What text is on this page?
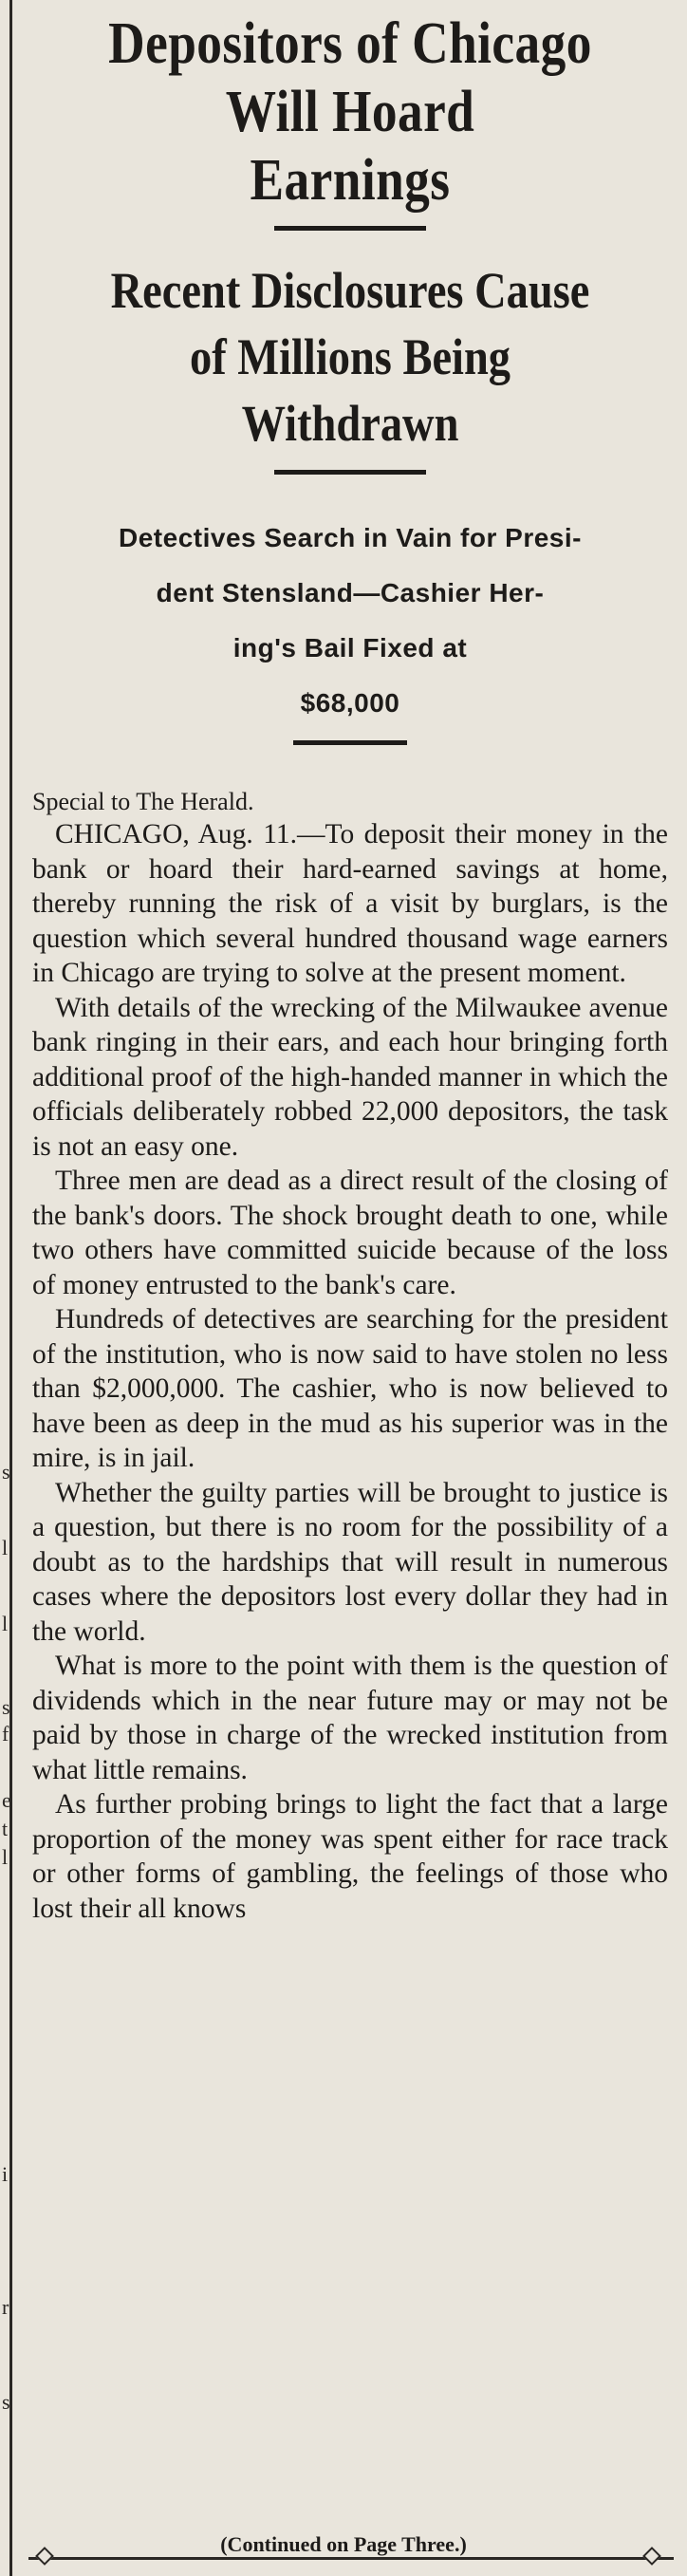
s
l
l
s
f
e
t
l
i
r
s
Depositors of Chicago
Will Hoard
Earnings
Recent Disclosures Cause
of Millions Being
Withdrawn
Detectives Search in Vain for Presi-
dent Stensland—Cashier Her-
ing's Bail Fixed at
$68,000

Special to The Herald.

CHICAGO, Aug. 11.—To deposit their money in the bank or hoard their hard-earned savings at home, thereby running the risk of a visit by burglars, is the question which several hundred thousand wage earners in Chicago are trying to solve at the present moment.

With details of the wrecking of the Milwaukee avenue bank ringing in their ears, and each hour bringing forth additional proof of the high-handed manner in which the officials deliberately robbed 22,000 depositors, the task is not an easy one.

Three men are dead as a direct result of the closing of the bank's doors. The shock brought death to one, while two others have committed suicide because of the loss of money entrusted to the bank's care.

Hundreds of detectives are searching for the president of the institution, who is now said to have stolen no less than $2,000,000. The cashier, who is now believed to have been as deep in the mud as his superior was in the mire, is in jail.

Whether the guilty parties will be brought to justice is a question, but there is no room for the possibility of a doubt as to the hardships that will result in numerous cases where the depositors lost every dollar they had in the world.

What is more to the point with them is the question of dividends which in the near future may or may not be paid by those in charge of the wrecked institution from what little remains.

As further probing brings to light the fact that a large proportion of the money was spent either for race track or other forms of gambling, the feelings of those who lost their all knows

(Continued on Page Three.)
